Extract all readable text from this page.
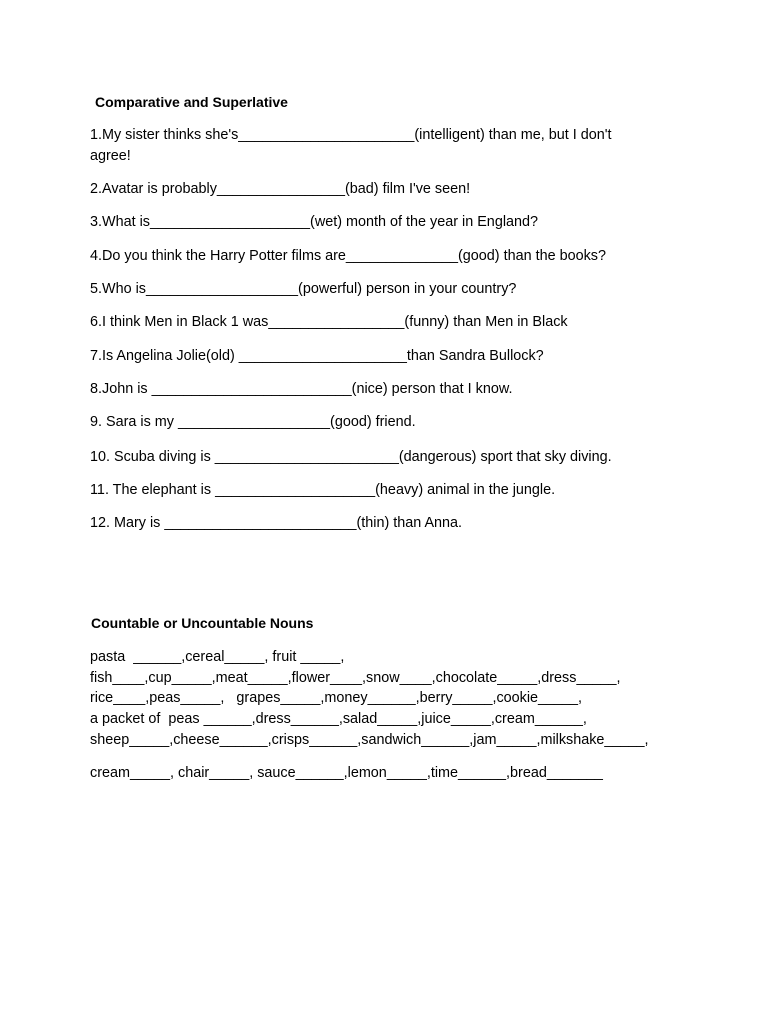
Comparative and Superlative
1.My sister thinks she's______________________(intelligent) than me, but I don't agree!
2.Avatar is probably________________(bad) film I've seen!
3.What is____________________(wet) month of the year in England?
4.Do you think the Harry Potter films are______________(good) than the books?
5.Who is___________________(powerful) person in your country?
6.I think Men in Black 1 was_________________(funny) than Men in Black
7.Is Angelina Jolie(old) _____________________than Sandra Bullock?
8.John is _________________________(nice) person that I know.
9. Sara is my ___________________(good) friend.
10. Scuba diving is _______________________(dangerous) sport that sky diving.
11. The elephant is ____________________(heavy) animal in the jungle.
12. Mary is ________________________(thin) than Anna.
Countable or Uncountable Nouns
pasta  ______,cereal_____, fruit _____,
fish____,cup_____,meat_____,flower____,snow____,chocolate_____,dress_____,
rice____,peas_____,   grapes_____,money______,berry_____,cookie_____,
a packet of  peas ______,dress______,salad_____,juice_____,cream______,
sheep_____,cheese______,crisps______,sandwich______,jam_____,milkshake_____,
cream_____, chair_____, sauce______,lemon_____,time______,bread_______
